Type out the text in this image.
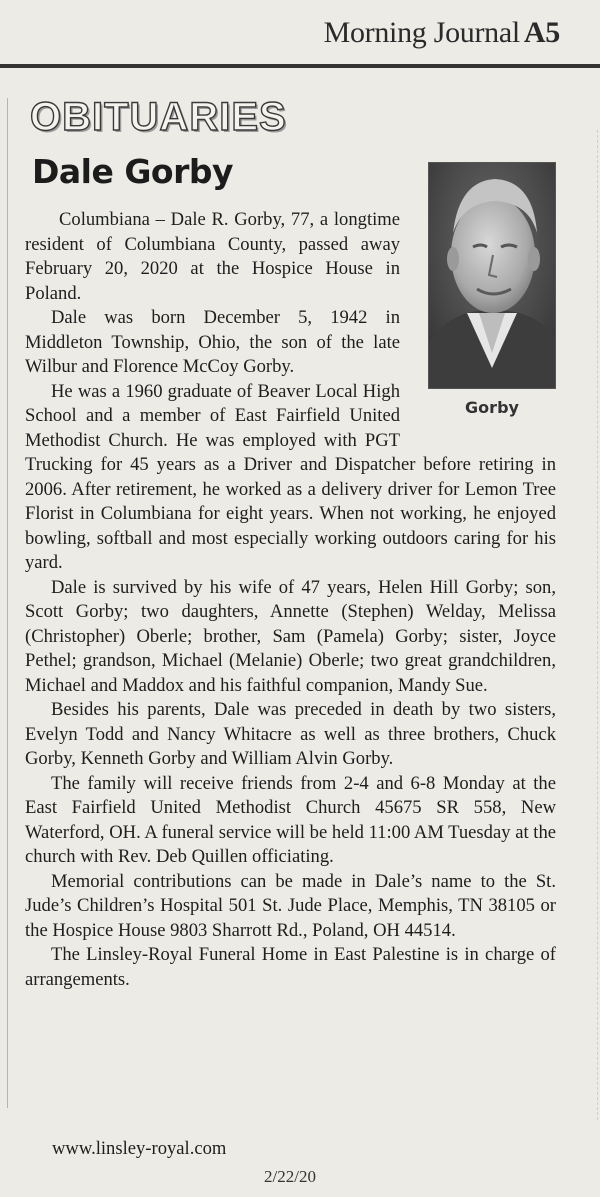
Morning Journal A5
OBITUARIES
Dale Gorby
Gorby

Columbiana – Dale R. Gorby, 77, a longtime resident of Columbiana County, passed away February 20, 2020 at the Hospice House in Poland.

Dale was born December 5, 1942 in Middleton Township, Ohio, the son of the late Wilbur and Florence McCoy Gorby.

He was a 1960 graduate of Beaver Local High School and a member of East Fairfield United Methodist Church. He was employed with PGT Trucking for 45 years as a Driver and Dispatcher before retiring in 2006. After retirement, he worked as a delivery driver for Lemon Tree Florist in Columbiana for eight years. When not working, he enjoyed bowling, softball and most especially working outdoors caring for his yard.

Dale is survived by his wife of 47 years, Helen Hill Gorby; son, Scott Gorby; two daughters, Annette (Stephen) Welday, Melissa (Christopher) Oberle; brother, Sam (Pamela) Gorby; sister, Joyce Pethel; grandson, Michael (Melanie) Oberle; two great grandchildren, Michael and Maddox and his faithful companion, Mandy Sue.

Besides his parents, Dale was preceded in death by two sisters, Evelyn Todd and Nancy Whitacre as well as three brothers, Chuck Gorby, Kenneth Gorby and William Alvin Gorby.

The family will receive friends from 2-4 and 6-8 Monday at the East Fairfield United Methodist Church 45675 SR 558, New Waterford, OH. A funeral service will be held 11:00 AM Tuesday at the church with Rev. Deb Quillen officiating.

Memorial contributions can be made in Dale’s name to the St. Jude’s Children’s Hospital 501 St. Jude Place, Memphis, TN 38105 or the Hospice House 9803 Sharrott Rd., Poland, OH 44514.

The Linsley-Royal Funeral Home in East Palestine is in charge of arrangements.

www.linsley-royal.com
2/22/20
